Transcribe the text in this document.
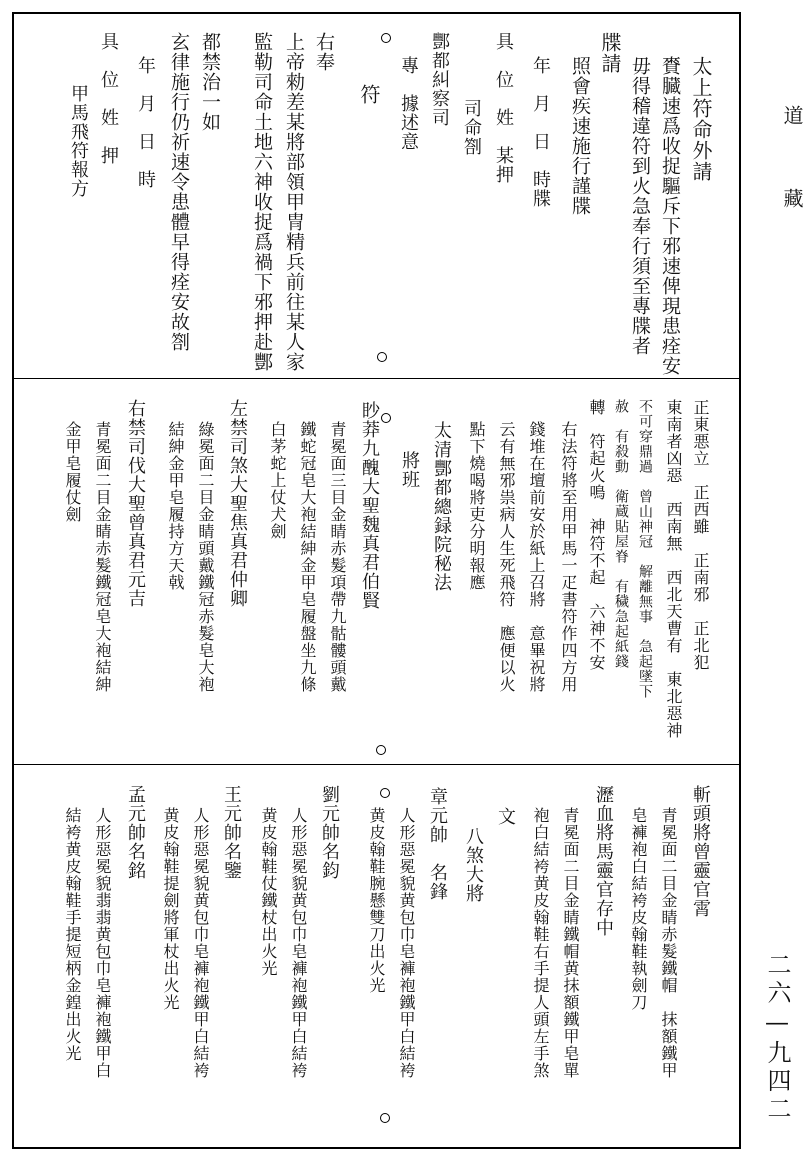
道
藏
二六—九四二
太上符命外請
賚臓速爲收捉驅斥下邪速俾現患痊安
毋得稽違符到火急奉行須至專牒者
牒請
照會疾速施行謹牒
年　月　日　時牒
具　位　姓　某押
司命劄
酆都糾察司
專　據述意
符
右奉
上帝勑差某將部領甲冑精兵前往某人家
監勒司命土地六神收捉爲禍下邪押赴酆
都禁治一如
玄律施行仍祈速令患體早得痊安故劄
年　月　日　時
具　位　姓　押
甲馬飛符報方
正東悪立　正西雖　正南邪　正北犯
東南者凶惡　西南無　西北天曹有　東北惡神
不可穿鼎過　曾山神冠　解離無事　急起墜下
赦　有殺動　衛蔵貼屋脊　有穢急起紙錢
轉　符起火鳴　神符不起　六神不安
右法符將至用甲馬一疋書符作四方用
錢堆在壇前安於紙上召將　意畢祝將
云有無邪祟病人生死飛符　應便以火
點下燒喝將吏分明報應
太清酆都總録院秘法
將班
眇莽九醜大聖魏真君伯賢
青冕面三目金睛赤髮項帶九骷髏頭戴
鐵蛇冠皂大袍結紳金甲皂履盤坐九條
白茅蛇上仗犬劍
左禁司煞大聖焦真君仲卿
綠冕面二目金睛頭戴鐵冠赤髮皂大袍
結紳金甲皂履持方天戟
右禁司伐大聖曾真君元吉
青冕面二目金睛赤髮鐵冠皂大袍結紳
金甲皂履仗劍
斬頭將曾靈官霄
青冕面二目金睛赤髮鐵帽　抹額鐵甲
皂褲袍白結袴皮翰鞋執劍刀
瀝血將馬靈官存中
青冕面二目金睛鐵帽黄抹額鐵甲皂單
袍白結袴黄皮翰鞋右手提人頭左手煞
文
八煞大將
章元帥　名鋒
人形惡冕貌黄包巾皂褲袍鐵甲白結袴
黄皮翰鞋腕懸雙刀出火光
劉元帥名鈞
人形惡冕貌黄包巾皂褲袍鐵甲白結袴
黄皮翰鞋仗鐵杖出火光
王元帥名鑒
人形惡冕貌黄包巾皂褲袍鐵甲白結袴
黄皮翰鞋提劍將軍杖出火光
孟元帥名銘
人形惡冕貌翡翡黄包巾皂褲袍鐵甲白
結袴黄皮翰鞋手提短柄金鍠出火光
